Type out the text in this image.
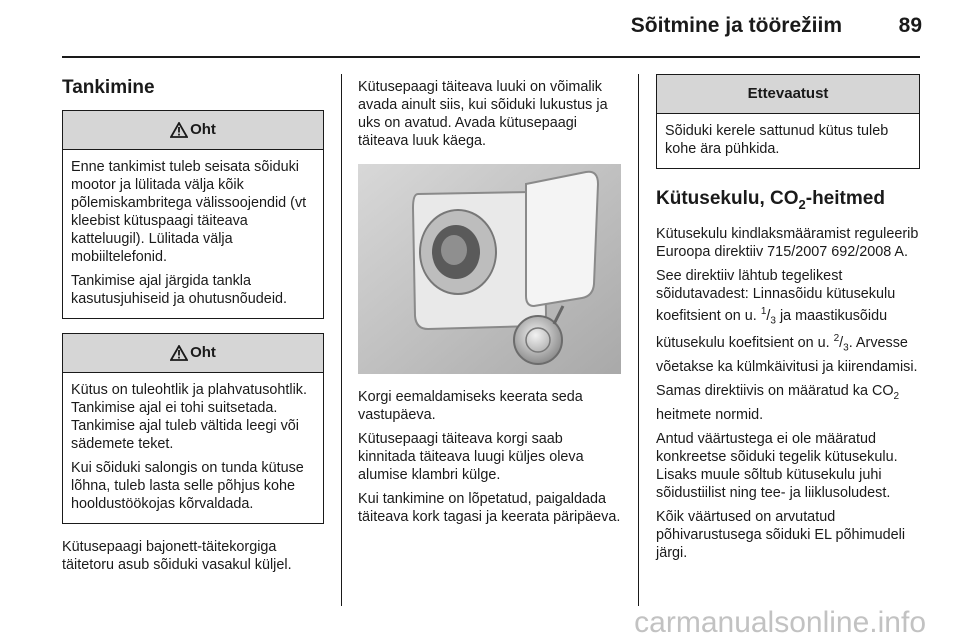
Sõitmine ja töörežiim	89
Tankimine
Oht

Enne tankimist tuleb seisata sõiduki mootor ja lülitada välja kõik põlemiskambritega välissoojendid (vt kleebist kütuspaagi täiteava katteluugil). Lülitada välja mobiiltelefonid.

Tankimise ajal järgida tankla kasutusjuhiseid ja ohutusnõudeid.

Oht

Kütus on tuleohtlik ja plahvatusohtlik. Tankimise ajal ei tohi suitsetada. Tankimise ajal tuleb vältida leegi või sädemete teket.

Kui sõiduki salongis on tunda kütuse lõhna, tuleb lasta selle põhjus kohe hooldustöökojas kõrvaldada.

Kütusepaagi bajonett-täitekorgiga täitetoru asub sõiduki vasakul küljel.

Kütusepaagi täiteava luuki on võimalik avada ainult siis, kui sõiduki lukustus ja uks on avatud. Avada kütusepaagi täiteava luuk käega.

Korgi eemaldamiseks keerata seda vastupäeva.

Kütusepaagi täiteava korgi saab kinnitada täiteava luugi küljes oleva alumise klambri külge.

Kui tankimine on lõpetatud, paigaldada täiteava kork tagasi ja keerata päripäeva.

Ettevaatust

Sõiduki kerele sattunud kütus tuleb kohe ära pühkida.

Kütusekulu, $CO_2$-heitmed

Kütusekulu kindlaksmääramist reguleerib Euroopa direktiiv 715/2007 692/2008 A.

See direktiiv lähtub tegelikest sõidutavadest: Linnasõidu kütusekulu koefitsient on u. $^1/_3$ ja maastikusõidu kütusekulu koefitsient on u. $^2/_3$. Arvesse võetakse ka külmkäivitusi ja kiirendamisi.

Samas direktiivis on määratud ka $CO_2$ heitmete normid.

Antud väärtustega ei ole määratud konkreetse sõiduki tegelik kütusekulu. Lisaks muule sõltub kütusekulu juhi sõidustiilist ning tee- ja liiklusoludest.

Kõik väärtused on arvutatud põhivarustusega sõiduki EL põhimudeli järgi.

carmanualsonline.info
